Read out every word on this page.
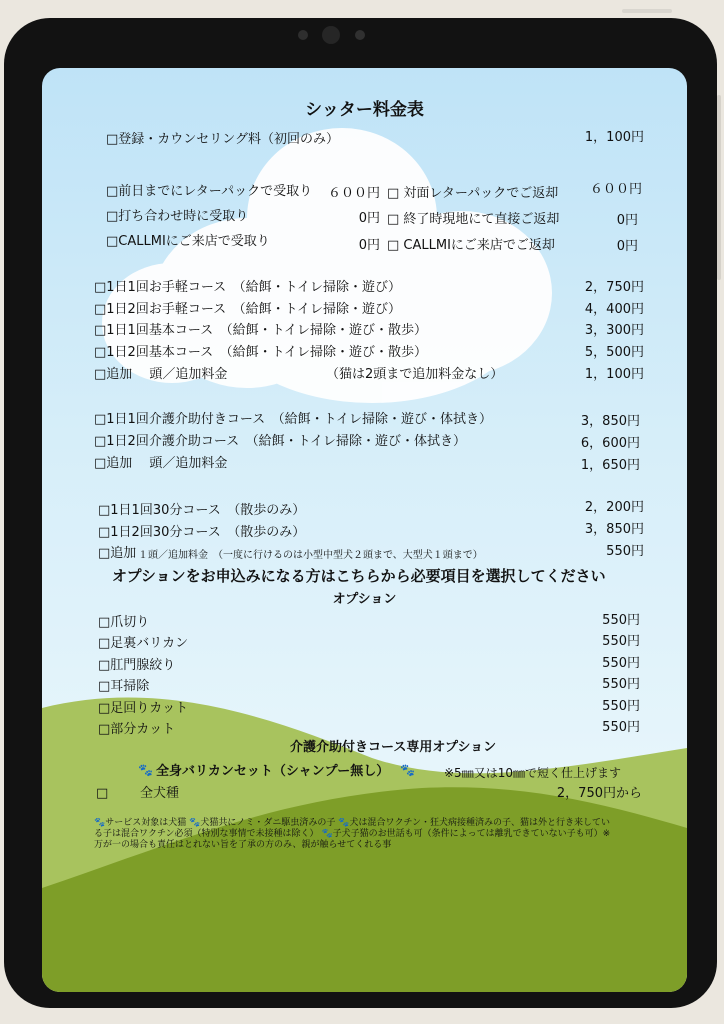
シッター料金表
□登録・カウンセリング料（初回のみ）	1，100円
□前日までにレターパックで受取り	６００円 □ 対面レターパックでご返却	６００円
□打ち合わせ時に受取り	0円 □ 終了時現地にて直接ご返却	0円
□CALLMIにご来店で受取り	0円 □ CALLMIにご来店でご返却	0円
□1日1回お手軽コース　（給餌・トイレ掃除・遊び）	2，750円
□1日2回お手軽コース　（給餌・トイレ掃除・遊び）	4，400円
□1日1回基本コース　（給餌・トイレ掃除・遊び・散歩）	3，300円
□1日2回基本コース　（給餌・トイレ掃除・遊び・散歩）	5，500円
□追加　 頭／追加料金	（猫は2頭まで追加料金なし）	1，100円
□1日1回介護介助付きコース　（給餌・トイレ掃除・遊び・体拭き）	3，850円
□1日2回介護介助コース　（給餌・トイレ掃除・遊び・体拭き）	6，600円
□追加　 頭／追加料金	1，650円
□1日1回30分コース　（散歩のみ）	2，200円
□1日2回30分コース　（散歩のみ）	3，850円
□追加 １頭／追加料金　（一度に行けるのは小型中型犬２頭まで、大型犬１頭まで）	550円
オプションをお申込みになる方はこちらから必要項目を選択してください
オプション
□爪切り	550円
□足裏バリカン	550円
□肛門腺絞り	550円
□耳掃除	550円
□足回りカット	550円
□部分カット	550円
介護介助付きコース専用オプション
🐾 全身バリカンセット（シャンプー無し） 🐾 ※5㎜又は10㎜で短く仕上げます
□ 全犬種	2，750円から
🐾サービス対象は犬猫 🐾犬猫共にノミ・ダニ駆虫済みの子 🐾犬は混合ワクチン・狂犬病接種済みの子、猫は外と行き来している子は混合ワクチン必須（特別な事情で未接種は除く） 🐾子犬子猫のお世話も可（条件によっては離乳できていない子も可）※万が一の場合も責任はとれない旨を了承の方のみ、親が触らせてくれる事
